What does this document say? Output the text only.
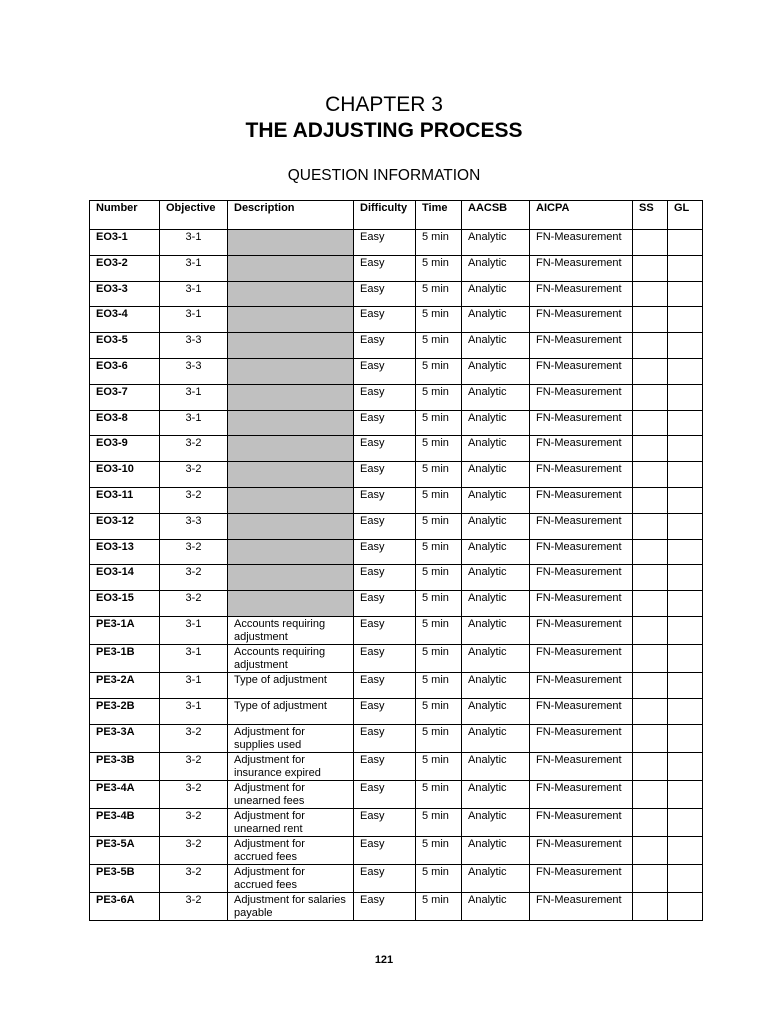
CHAPTER 3
THE ADJUSTING PROCESS
QUESTION INFORMATION
Number	Objective	Description	Difficulty	Time	AACSB	AICPA	SS	GL
EO3-1	3-1		Easy	5 min	Analytic	FN-Measurement		
EO3-2	3-1		Easy	5 min	Analytic	FN-Measurement		
EO3-3	3-1		Easy	5 min	Analytic	FN-Measurement		
EO3-4	3-1		Easy	5 min	Analytic	FN-Measurement		
EO3-5	3-3		Easy	5 min	Analytic	FN-Measurement		
EO3-6	3-3		Easy	5 min	Analytic	FN-Measurement		
EO3-7	3-1		Easy	5 min	Analytic	FN-Measurement		
EO3-8	3-1		Easy	5 min	Analytic	FN-Measurement		
EO3-9	3-2		Easy	5 min	Analytic	FN-Measurement		
EO3-10	3-2		Easy	5 min	Analytic	FN-Measurement		
EO3-11	3-2		Easy	5 min	Analytic	FN-Measurement		
EO3-12	3-3		Easy	5 min	Analytic	FN-Measurement		
EO3-13	3-2		Easy	5 min	Analytic	FN-Measurement		
EO3-14	3-2		Easy	5 min	Analytic	FN-Measurement		
EO3-15	3-2		Easy	5 min	Analytic	FN-Measurement		
PE3-1A	3-1	Accounts requiring adjustment	Easy	5 min	Analytic	FN-Measurement		
PE3-1B	3-1	Accounts requiring adjustment	Easy	5 min	Analytic	FN-Measurement		
PE3-2A	3-1	Type of adjustment	Easy	5 min	Analytic	FN-Measurement		
PE3-2B	3-1	Type of adjustment	Easy	5 min	Analytic	FN-Measurement		
PE3-3A	3-2	Adjustment for supplies used	Easy	5 min	Analytic	FN-Measurement		
PE3-3B	3-2	Adjustment for insurance expired	Easy	5 min	Analytic	FN-Measurement		
PE3-4A	3-2	Adjustment for unearned fees	Easy	5 min	Analytic	FN-Measurement		
PE3-4B	3-2	Adjustment for unearned rent	Easy	5 min	Analytic	FN-Measurement		
PE3-5A	3-2	Adjustment for accrued fees	Easy	5 min	Analytic	FN-Measurement		
PE3-5B	3-2	Adjustment for accrued fees	Easy	5 min	Analytic	FN-Measurement		
PE3-6A	3-2	Adjustment for salaries payable	Easy	5 min	Analytic	FN-Measurement		
121
